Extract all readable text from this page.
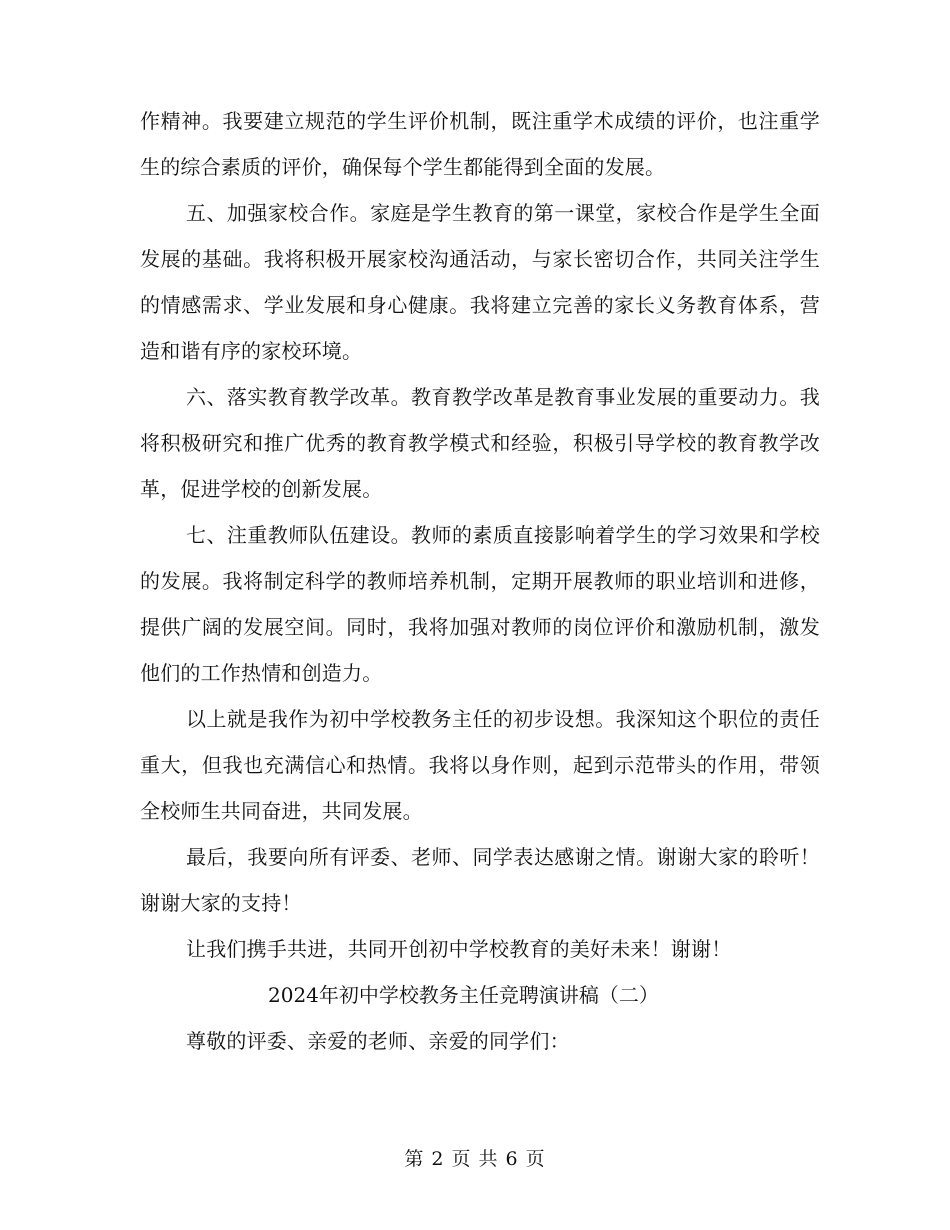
作精神。我要建立规范的学生评价机制，既注重学术成绩的评价，也注重学生的综合素质的评价，确保每个学生都能得到全面的发展。

五、加强家校合作。家庭是学生教育的第一课堂，家校合作是学生全面发展的基础。我将积极开展家校沟通活动，与家长密切合作，共同关注学生的情感需求、学业发展和身心健康。我将建立完善的家长义务教育体系，营造和谐有序的家校环境。

六、落实教育教学改革。教育教学改革是教育事业发展的重要动力。我将积极研究和推广优秀的教育教学模式和经验，积极引导学校的教育教学改革，促进学校的创新发展。

七、注重教师队伍建设。教师的素质直接影响着学生的学习效果和学校的发展。我将制定科学的教师培养机制，定期开展教师的职业培训和进修，提供广阔的发展空间。同时，我将加强对教师的岗位评价和激励机制，激发他们的工作热情和创造力。

以上就是我作为初中学校教务主任的初步设想。我深知这个职位的责任重大，但我也充满信心和热情。我将以身作则，起到示范带头的作用，带领全校师生共同奋进，共同发展。

最后，我要向所有评委、老师、同学表达感谢之情。谢谢大家的聆听！谢谢大家的支持！

让我们携手共进，共同开创初中学校教育的美好未来！谢谢！

2024年初中学校教务主任竞聘演讲稿（二）

尊敬的评委、亲爱的老师、亲爱的同学们：

第 2 页 共 6 页
